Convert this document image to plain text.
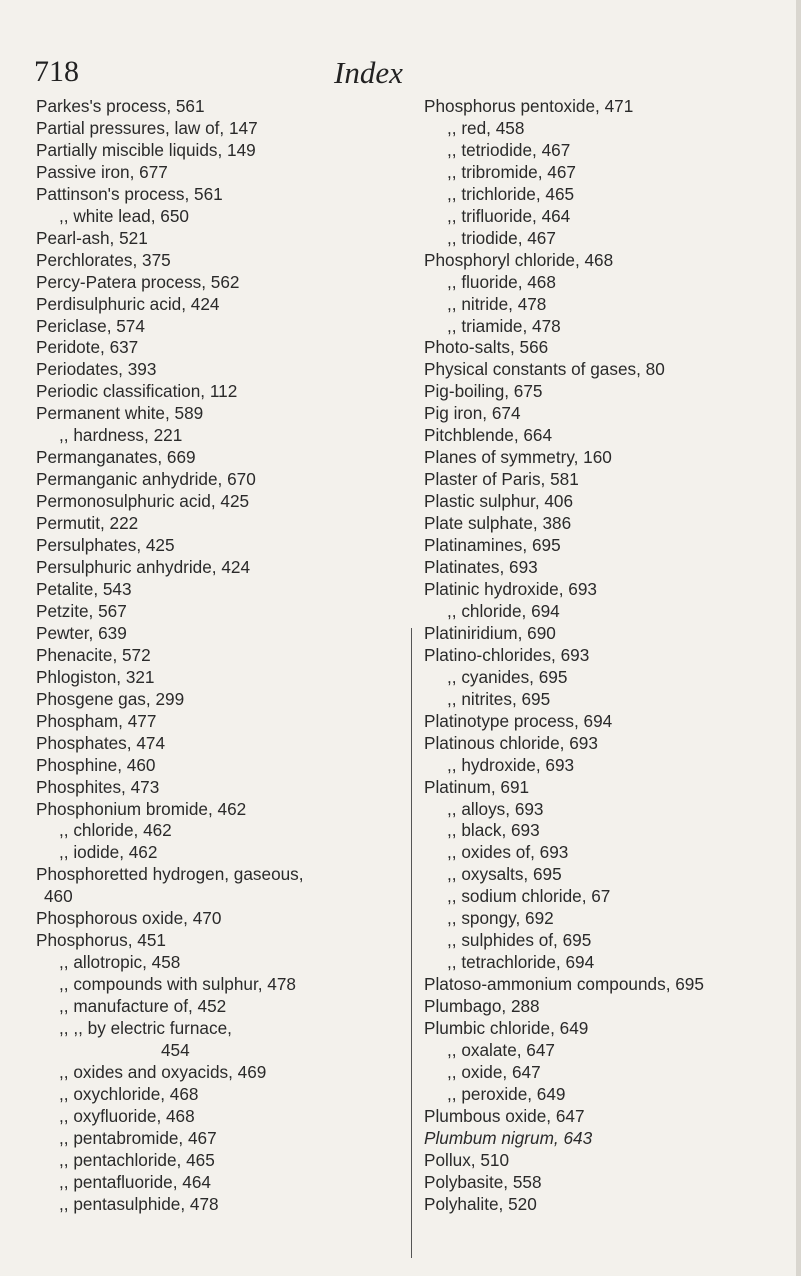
718	Index
Parkes's process, 561
Partial pressures, law of, 147
Partially miscible liquids, 149
Passive iron, 677
Pattinson's process, 561
,, white lead, 650
Pearl-ash, 521
Perchlorates, 375
Percy-Patera process, 562
Perdisulphuric acid, 424
Periclase, 574
Peridote, 637
Periodates, 393
Periodic classification, 112
Permanent white, 589
,, hardness, 221
Permanganates, 669
Permanganic anhydride, 670
Permonosulphuric acid, 425
Permutit, 222
Persulphates, 425
Persulphuric anhydride, 424
Petalite, 543
Petzite, 567
Pewter, 639
Phenacite, 572
Phlogiston, 321
Phosgene gas, 299
Phospham, 477
Phosphates, 474
Phosphine, 460
Phosphites, 473
Phosphonium bromide, 462
,, chloride, 462
,, iodide, 462
Phosphoretted hydrogen, gaseous,
460
Phosphorous oxide, 470
Phosphorus, 451
,, allotropic, 458
,, compounds with sulphur, 478
,, manufacture of, 452
,, ,, by electric furnace,
454
,, oxides and oxyacids, 469
,, oxychloride, 468
,, oxyfluoride, 468
,, pentabromide, 467
,, pentachloride, 465
,, pentafluoride, 464
,, pentasulphide, 478
Phosphorus pentoxide, 471
,, red, 458
,, tetriodide, 467
,, tribromide, 467
,, trichloride, 465
,, trifluoride, 464
,, triodide, 467
Phosphoryl chloride, 468
,, fluoride, 468
,, nitride, 478
,, triamide, 478
Photo-salts, 566
Physical constants of gases, 80
Pig-boiling, 675
Pig iron, 674
Pitchblende, 664
Planes of symmetry, 160
Plaster of Paris, 581
Plastic sulphur, 406
Plate sulphate, 386
Platinamines, 695
Platinates, 693
Platinic hydroxide, 693
,, chloride, 694
Platiniridium, 690
Platino-chlorides, 693
,, cyanides, 695
,, nitrites, 695
Platinotype process, 694
Platinous chloride, 693
,, hydroxide, 693
Platinum, 691
,, alloys, 693
,, black, 693
,, oxides of, 693
,, oxysalts, 695
,, sodium chloride, 67
,, spongy, 692
,, sulphides of, 695
,, tetrachloride, 694
Platoso-ammonium compounds, 695
Plumbago, 288
Plumbic chloride, 649
,, oxalate, 647
,, oxide, 647
,, peroxide, 649
Plumbous oxide, 647
Plumbum nigrum, 643
Pollux, 510
Polybasite, 558
Polyhalite, 520
